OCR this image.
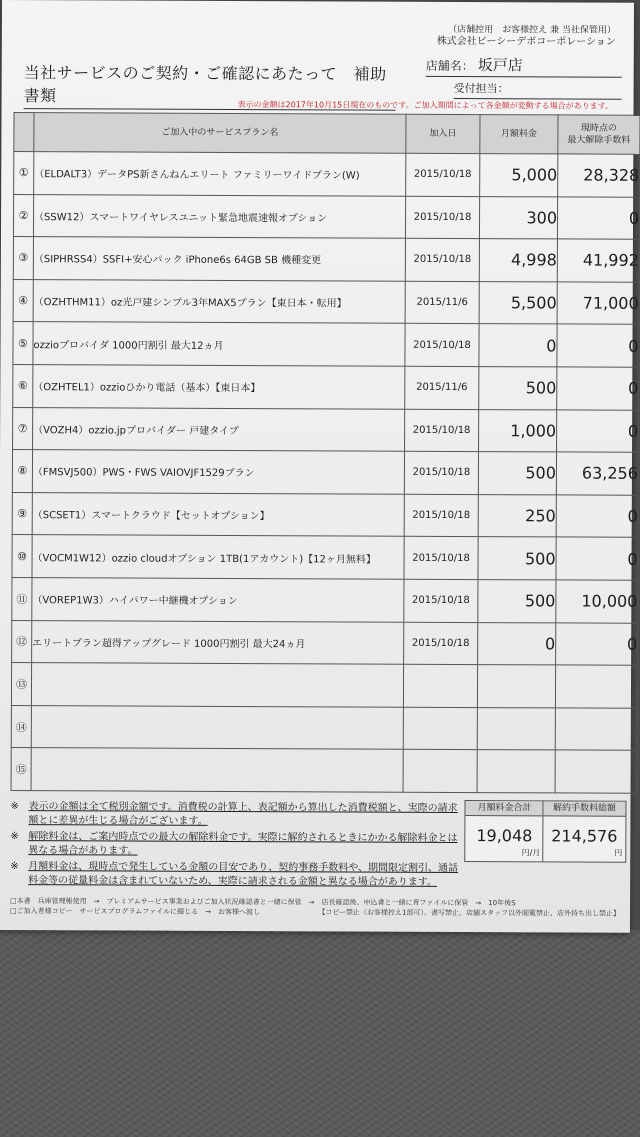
（店舗控用　お客様控え 兼 当社保管用）
株式会社ビーシーデポコーポレーション
当社サービスのご契約・ご確認にあたって　補助書類
店舗名： 坂戸店
受付担当：
表示の金額は2017年10月15日現在のものです。ご加入期間によって各金額が変動する場合があります。
	ご加入中のサービスプラン名	加入日	月額料金	現時点の
最大解除手数料
①	（ELDALT3）データPS新さんねんエリート ファミリーワイドプラン(W)	2015/10/18	5,000	28,328
②	（SSW12）スマートワイヤレスユニット緊急地震速報オプション	2015/10/18	300	0
③	（SIPHRSS4）SSFI+安心パック iPhone6s 64GB SB 機種変更	2015/10/18	4,998	41,992
④	（OZHTHM11）oz光戸建シンプル3年MAX5プラン【東日本・転用】	2015/11/6	5,500	71,000
⑤	ozzioプロバイダ 1000円割引 最大12ヵ月	2015/10/18	0	0
⑥	（OZHTEL1）ozzioひかり電話（基本）【東日本】	2015/11/6	500	0
⑦	（VOZH4）ozzio.jpプロバイダー 戸建タイプ	2015/10/18	1,000	0
⑧	（FMSVJ500）PWS・FWS VAIOVJF1529プラン	2015/10/18	500	63,256
⑨	（SCSET1）スマートクラウド【セットオプション】	2015/10/18	250	0
⑩	（VOCM1W12）ozzio cloudオプション 1TB(1アカウント)【12ヶ月無料】	2015/10/18	500	0
⑪	（VOREP1W3）ハイパワー中継機オプション	2015/10/18	500	10,000
⑫	エリートプラン超得アップグレード 1000円割引 最大24ヵ月	2015/10/18	0	0
⑬				
⑭				
⑮				
※ 表示の金額は全て税別金額です。消費税の計算上、表記額から算出した消費税額と、実際の請求額とに差異が生じる場合がございます。
※ 解除料金は、ご案内時点での最大の解除料金です。実際に解約されるときにかかる解除料金とは異なる場合があります。
※ 月額料金は、現時点で発生している金額の目安であり、契約事務手数料や、期間限定割引、通話料金等の従量料金は含まれていないため、実際に請求される金額と異なる場合があります。
月額料金合計
19,048
円/月
解約手数料総額
214,576
円
□本書　兵庫管理帳使用　→　プレミアムサービス事業およびご加入状況確認書と一緒に保管　→　店長確認後、申込書と一緒に青ファイルに保管　→　10年後S
□ご加入者様コピー　サービスプログラムファイルに綴じる　→　お客様へ渡し	【コピー禁止（お客様控え1部可）、書写禁止、店舗スタッフ以外閲覧禁止、店外持ち出し禁止】
